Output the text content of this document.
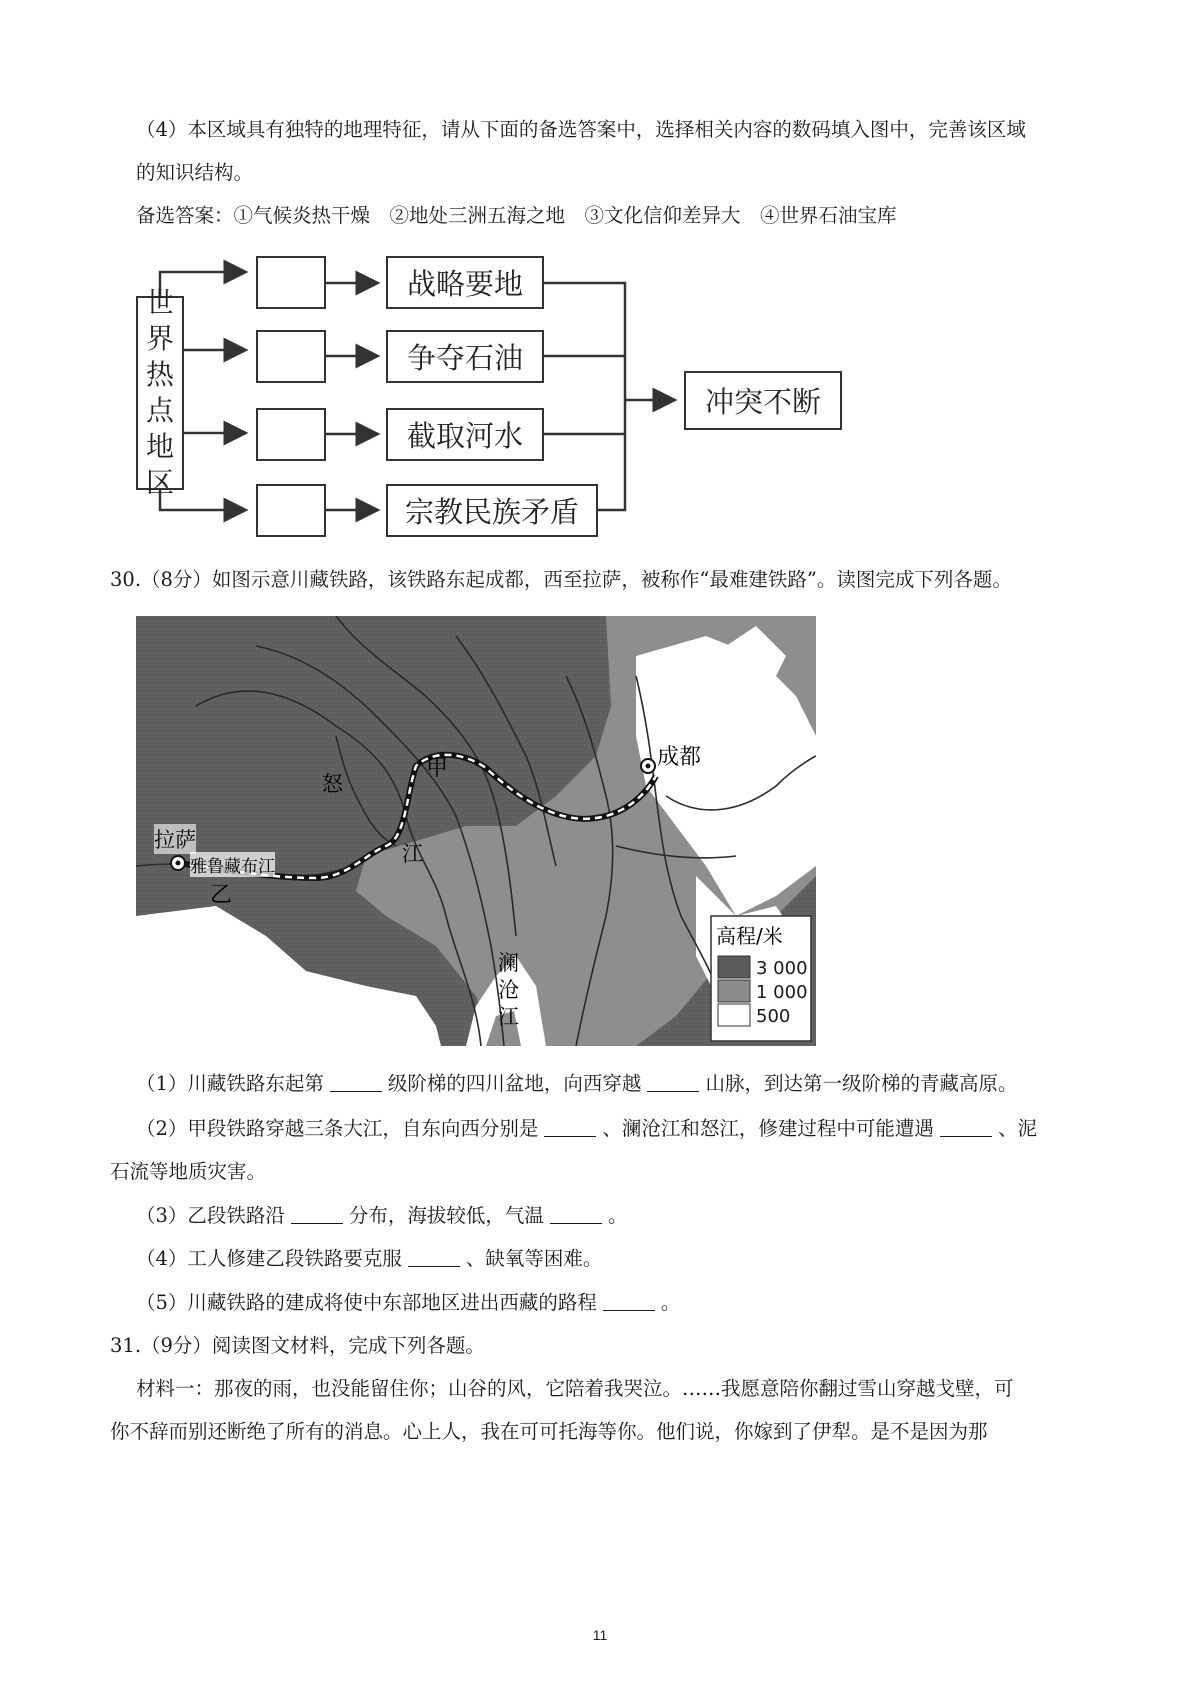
（4）本区域具有独特的地理特征，请从下面的备选答案中，选择相关内容的数码填入图中，完善该区域
的知识结构。
备选答案：①气候炎热干燥　②地处三洲五海之地　③文化信仰差异大　④世界石油宝库
世
界
热
点
地
区
战略要地
争夺石油
截取河水
宗教民族矛盾
冲突不断
30.（8分）如图示意川藏铁路，该铁路东起成都，西至拉萨，被称作“最难建铁路”。读图完成下列各题。
成都
拉萨
雅鲁藏布江
怒
江
甲
乙
澜
沧
江
高程/米
3 000
1 000
500
（1）川藏铁路东起第	级阶梯的四川盆地，向西穿越	山脉，到达第一级阶梯的青藏高原。
（2）甲段铁路穿越三条大江，自东向西分别是	、澜沧江和怒江，修建过程中可能遭遇	、泥
石流等地质灾害。
（3）乙段铁路沿	分布，海拔较低，气温	。
（4）工人修建乙段铁路要克服	、缺氧等困难。
（5）川藏铁路的建成将使中东部地区进出西藏的路程	。
31.（9分）阅读图文材料，完成下列各题。
材料一：那夜的雨，也没能留住你；山谷的风，它陪着我哭泣。……我愿意陪你翻过雪山穿越戈壁，可
你不辞而别还断绝了所有的消息。心上人，我在可可托海等你。他们说，你嫁到了伊犁。是不是因为那
11
